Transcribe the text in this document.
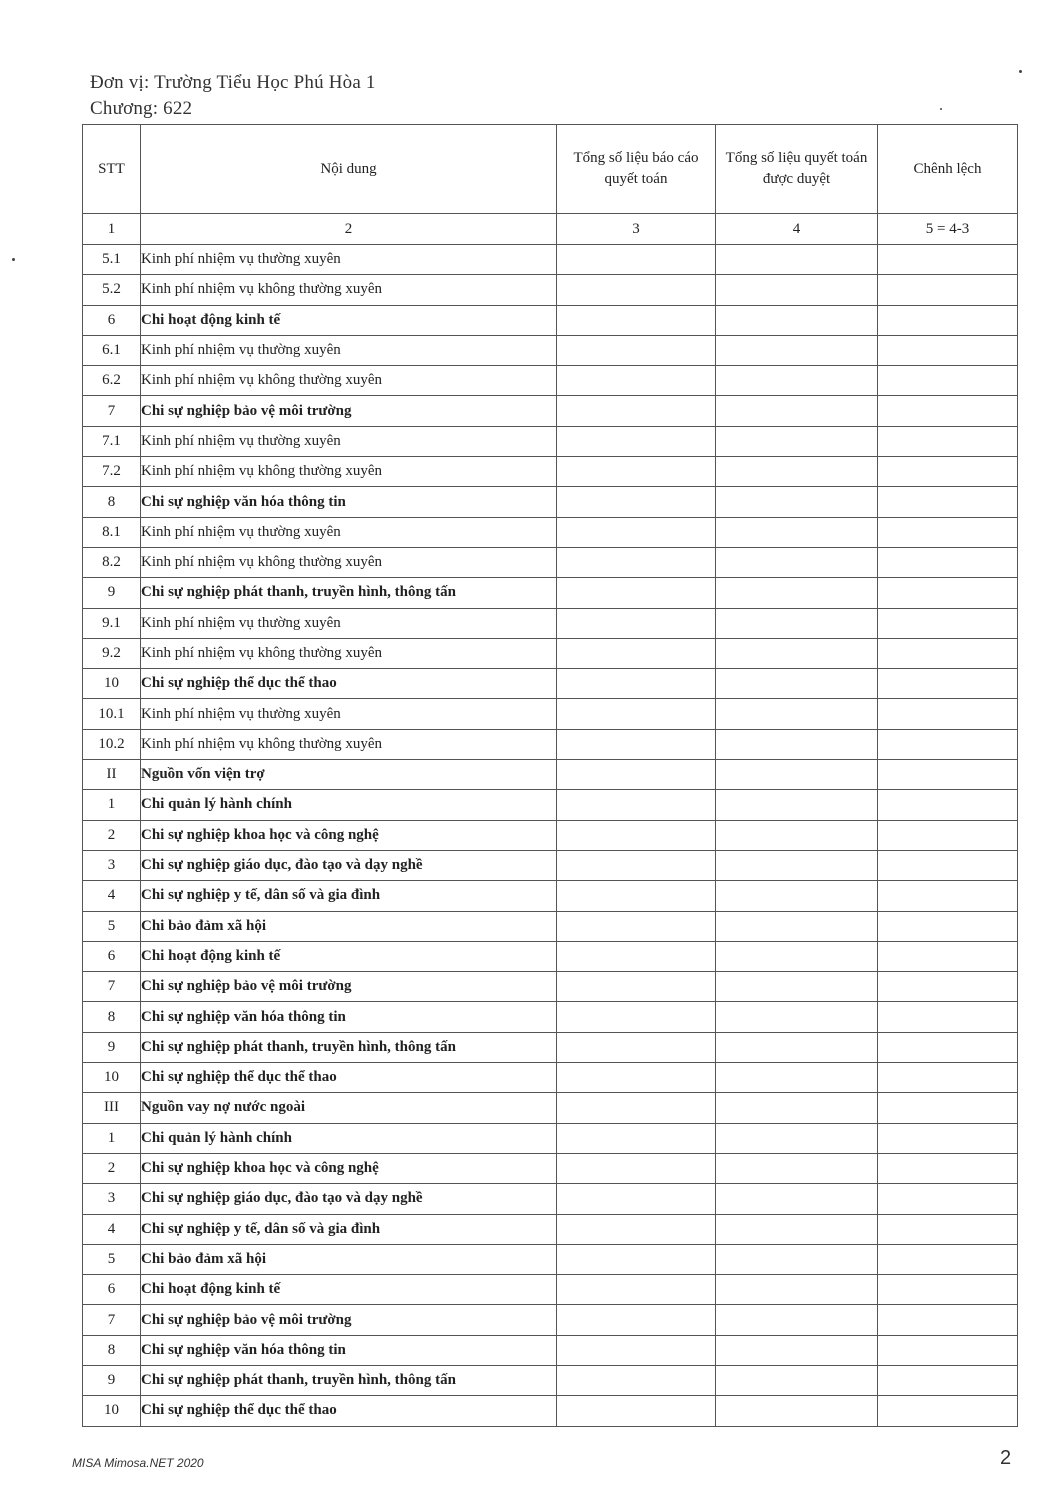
Đơn vị: Trường Tiểu Học Phú Hòa 1
Chương: 622
STT	Nội dung	Tổng số liệu báo cáo quyết toán	Tổng số liệu quyết toán được duyệt	Chênh lệch
1	2	3	4	5 = 4-3
5.1	Kinh phí nhiệm vụ thường xuyên			
5.2	Kinh phí nhiệm vụ không thường xuyên			
6	Chi hoạt động kinh tế			
6.1	Kinh phí nhiệm vụ thường xuyên			
6.2	Kinh phí nhiệm vụ không thường xuyên			
7	Chi sự nghiệp bảo vệ môi trường			
7.1	Kinh phí nhiệm vụ thường xuyên			
7.2	Kinh phí nhiệm vụ không thường xuyên			
8	Chi sự nghiệp văn hóa thông tin			
8.1	Kinh phí nhiệm vụ thường xuyên			
8.2	Kinh phí nhiệm vụ không thường xuyên			
9	Chi sự nghiệp phát thanh, truyền hình, thông tấn			
9.1	Kinh phí nhiệm vụ thường xuyên			
9.2	Kinh phí nhiệm vụ không thường xuyên			
10	Chi sự nghiệp thể dục thể thao			
10.1	Kinh phí nhiệm vụ thường xuyên			
10.2	Kinh phí nhiệm vụ không thường xuyên			
II	Nguồn vốn viện trợ			
1	Chi quản lý hành chính			
2	Chi sự nghiệp khoa học và công nghệ			
3	Chi sự nghiệp giáo dục, đào tạo và dạy nghề			
4	Chi sự nghiệp y tế, dân số và gia đình			
5	Chi bảo đảm xã hội			
6	Chi hoạt động kinh tế			
7	Chi sự nghiệp bảo vệ môi trường			
8	Chi sự nghiệp văn hóa thông tin			
9	Chi sự nghiệp phát thanh, truyền hình, thông tấn			
10	Chi sự nghiệp thể dục thể thao			
III	Nguồn vay nợ nước ngoài			
1	Chi quản lý hành chính			
2	Chi sự nghiệp khoa học và công nghệ			
3	Chi sự nghiệp giáo dục, đào tạo và dạy nghề			
4	Chi sự nghiệp y tế, dân số và gia đình			
5	Chi bảo đảm xã hội			
6	Chi hoạt động kinh tế			
7	Chi sự nghiệp bảo vệ môi trường			
8	Chi sự nghiệp văn hóa thông tin			
9	Chi sự nghiệp phát thanh, truyền hình, thông tấn			
10	Chi sự nghiệp thể dục thể thao			
MISA Mimosa.NET 2020	2
